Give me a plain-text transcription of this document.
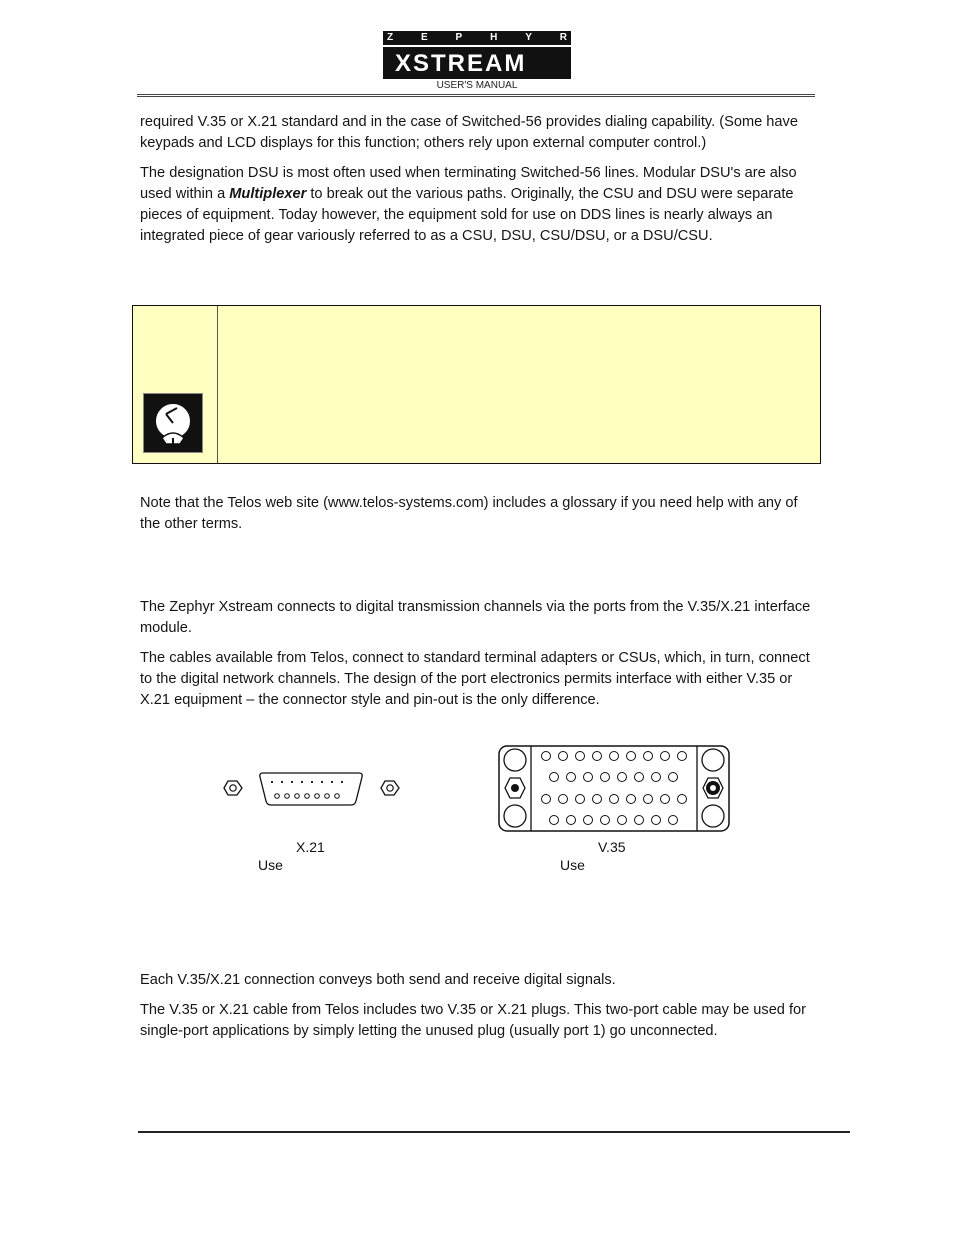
Z	E	P	H	Y	R
XSTREAM
USER'S MANUAL
required V.35 or X.21 standard and in the case of Switched-56 provides dialing capability. (Some have keypads and LCD displays for this function; others rely upon external computer control.)
The designation DSU is most often used when terminating Switched-56 lines. Modular DSU's are also used within a Multiplexer to break out the various paths. Originally, the CSU and DSU were separate pieces of equipment. Today however, the equipment sold for use on DDS lines is nearly always an integrated piece of gear variously referred to as a CSU, DSU, CSU/DSU, or a DSU/CSU.
Note that the Telos web site (www.telos-systems.com) includes a glossary if you need help with any of the other terms.
The Zephyr Xstream connects to digital transmission channels via the ports from the V.35/X.21 interface module.
The cables available from Telos, connect to standard terminal adapters or CSUs, which, in turn, connect to the digital network channels. The design of the port electronics permits interface with either V.35 or X.21 equipment – the connector style and pin-out is the only difference.
X.21
Use
V.35
Use
Each V.35/X.21 connection conveys both send and receive digital signals.
The V.35 or X.21 cable from Telos includes two V.35 or X.21 plugs. This two-port cable may be used for single-port applications by simply letting the unused plug (usually port 1) go unconnected.
